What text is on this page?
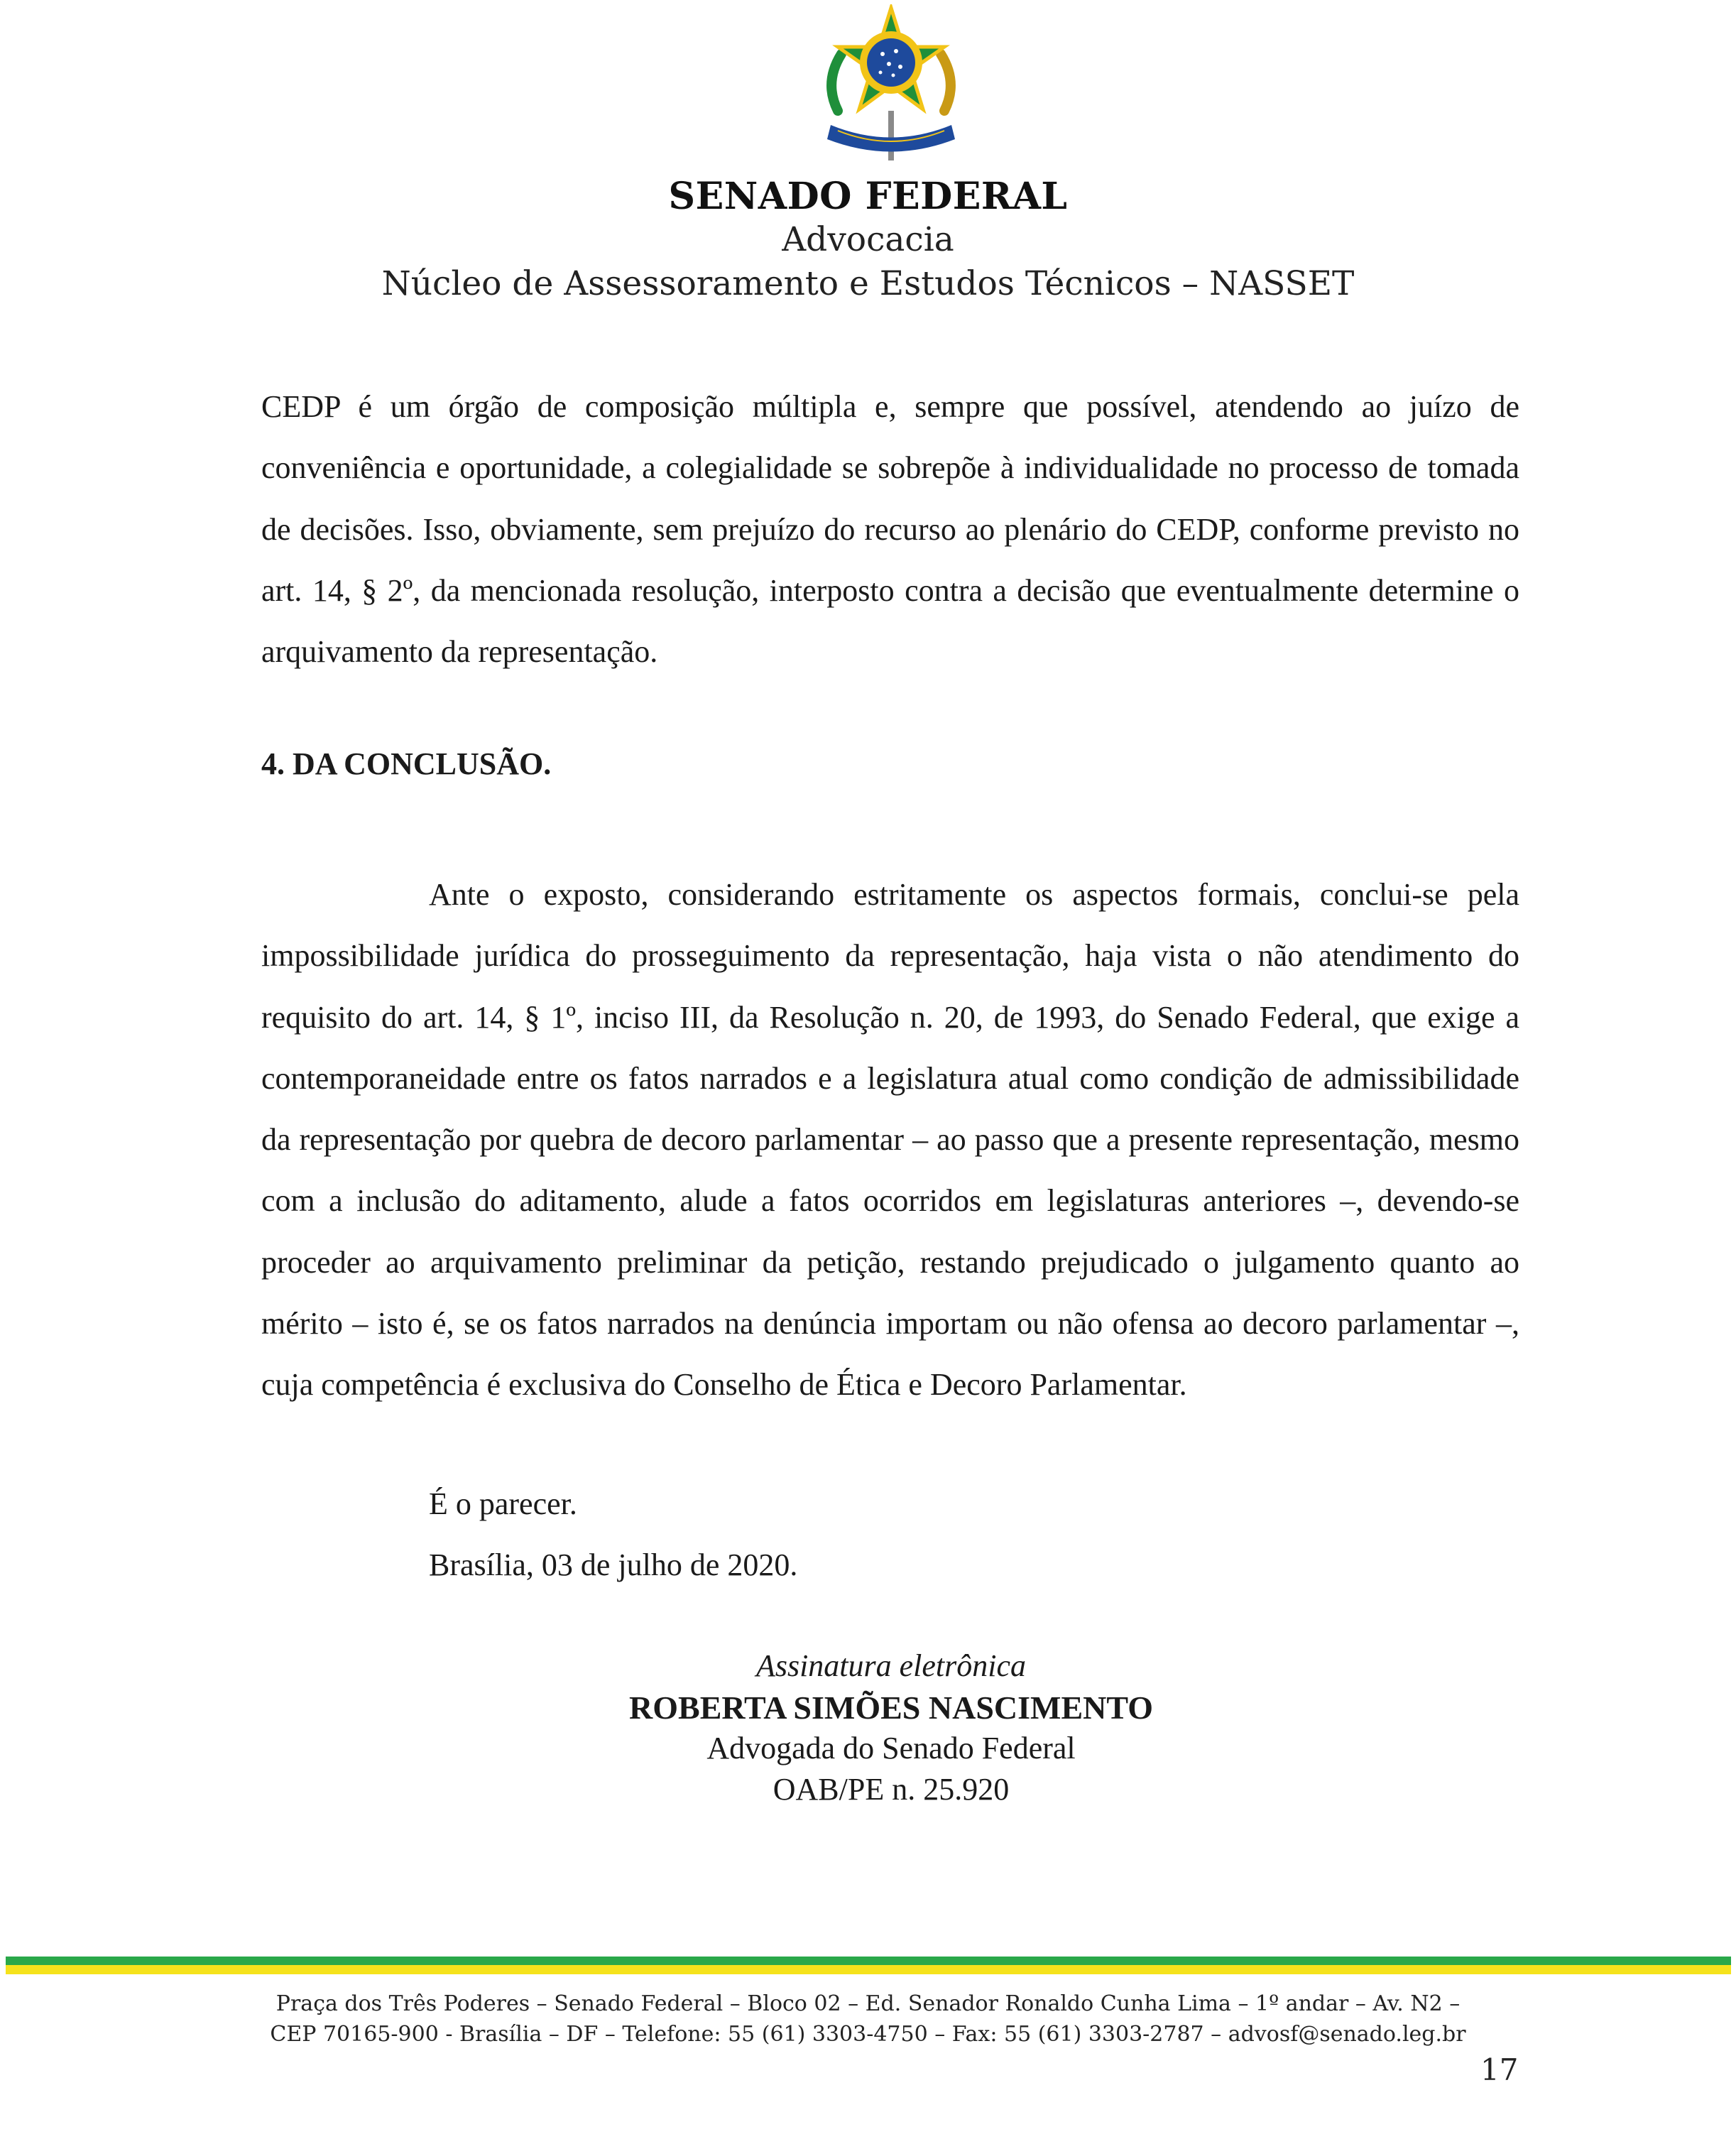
SENADO FEDERAL
Advocacia
Núcleo de Assessoramento e Estudos Técnicos – NASSET
CEDP é um órgão de composição múltipla e, sempre que possível, atendendo ao juízo de conveniência e oportunidade, a colegialidade se sobrepõe à individualidade no processo de tomada de decisões. Isso, obviamente, sem prejuízo do recurso ao plenário do CEDP, conforme previsto no art. 14, § 2º, da mencionada resolução, interposto contra a decisão que eventualmente determine o arquivamento da representação.
4. DA CONCLUSÃO.
Ante o exposto, considerando estritamente os aspectos formais, conclui-se pela impossibilidade jurídica do prosseguimento da representação, haja vista o não atendimento do requisito do art. 14, § 1º, inciso III, da Resolução n. 20, de 1993, do Senado Federal, que exige a contemporaneidade entre os fatos narrados e a legislatura atual como condição de admissibilidade da representação por quebra de decoro parlamentar – ao passo que a presente representação, mesmo com a inclusão do aditamento, alude a fatos ocorridos em legislaturas anteriores –, devendo-se proceder ao arquivamento preliminar da petição, restando prejudicado o julgamento quanto ao mérito – isto é, se os fatos narrados na denúncia importam ou não ofensa ao decoro parlamentar –, cuja competência é exclusiva do Conselho de Ética e Decoro Parlamentar.
É o parecer.
Brasília, 03 de julho de 2020.
Assinatura eletrônica
ROBERTA SIMÕES NASCIMENTO
Advogada do Senado Federal
OAB/PE n. 25.920
Praça dos Três Poderes – Senado Federal – Bloco 02 – Ed. Senador Ronaldo Cunha Lima – 1º andar – Av. N2 –
CEP 70165-900 - Brasília – DF – Telefone: 55 (61) 3303-4750 – Fax: 55 (61) 3303-2787 – advosf@senado.leg.br
17
